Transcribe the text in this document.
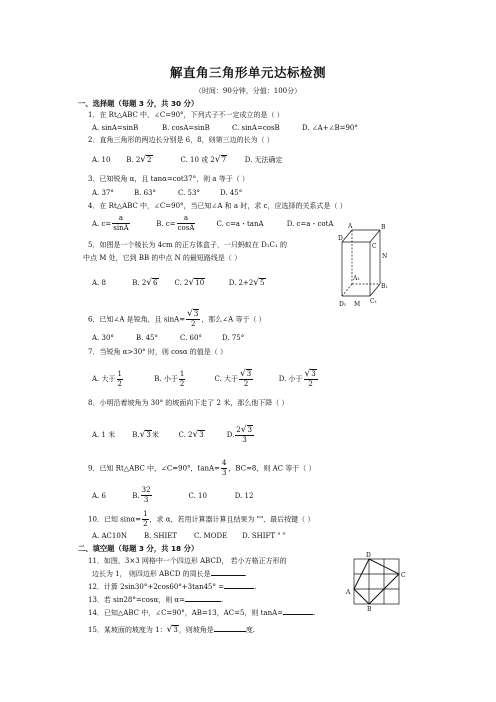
解直角三角形单元达标检测
（时间：90分钟，分值：100分）
一、选择题（每题 3 分，共 30 分）
1．在 Rt△ABC 中，∠C=90°，下列式子不一定成立的是（ ）
A. sinA=sinB	B. cosA=sinB	C. sinA=cosB	D. ∠A+∠B=90°
2．直角三角形的两边长分别是 6，8，则第三边的长为（ ）
A. 10 B. 2√2	C. 10 或 2√7	D. 无法确定
3．已知锐角 α，且 tanα=cot37°，则 a 等于（ ）
A. 37°	B. 63°	C. 53°	D. 45°
4．在 Rt△ABC 中，∠C=90°，当已知∠A 和 a 时，求 c，应选择的关系式是（ ）
A. $c= \frac{a}{\sin A}$	B. $c= \frac{a}{\cos A}$	C. c=a・tanA	D. c=a・cotA
5．如图是一个棱长为 4cm 的正方体盒子，一只蚂蚁在 D₁C₁ 的
中点 M 处，它到 BB 的中点 N 的最短路线是（ ）
A. 8	B. 2√6 C. 2√10	D. 2+2√5
A	B
D
C
N
A₁
B₁
C₁
D₁ M
6．已知∠A 是锐角，且 $\sin A= \frac{√3}{2}$ ，那么∠A 等于（ ）
A. 30°	B. 45°	C. 60°	D. 75°
7．当锐角 α>30° 时，则 cosα 的值是（ ）
A. 大于 $\frac{1}{2}$	B. 小于 $\frac{1}{2}$	C. 大于 $\frac{√3}{2}$	D. 小于 $\frac{√3}{2}$
8．小明沿着坡角为 30° 的坡面向下走了 2 米，那么他下降（ ）
A. 1 米 B.√3米	C. 2√3	D. $\frac{2√3}{3}$
9．已知 Rt△ABC 中，∠C=90°，$\tan A= \frac{4}{3}$ ，BC=8，则 AC 等于（ ）
A. 6	B. $\frac{32}{3}$	C. 10	D. 12
10．已知 $\sin\alpha= \frac{1}{2}$ ，求 α，若用计算器计算且结果为 ""，最后按键（ ）
A. AC10N B. SHIET C. MODE D. SHIFT " "
二、填空题（每题 3 分，共 18 分）
11．如图，3×3 网格中一个四边形 ABCD， 若小方格正方形的
边长为 1， 则四边形 ABCD 的周长是	.
D
C
A
B
12．计算 2sin30°+2cos60°+3tan45° =	.
13．若 sin28°=cosα，则 α=	.
14．已知△ABC 中，∠C=90°，AB=13，AC=5，则 tanA=	.
15．某坡面的坡度为 1：√3，则坡角是	度.
